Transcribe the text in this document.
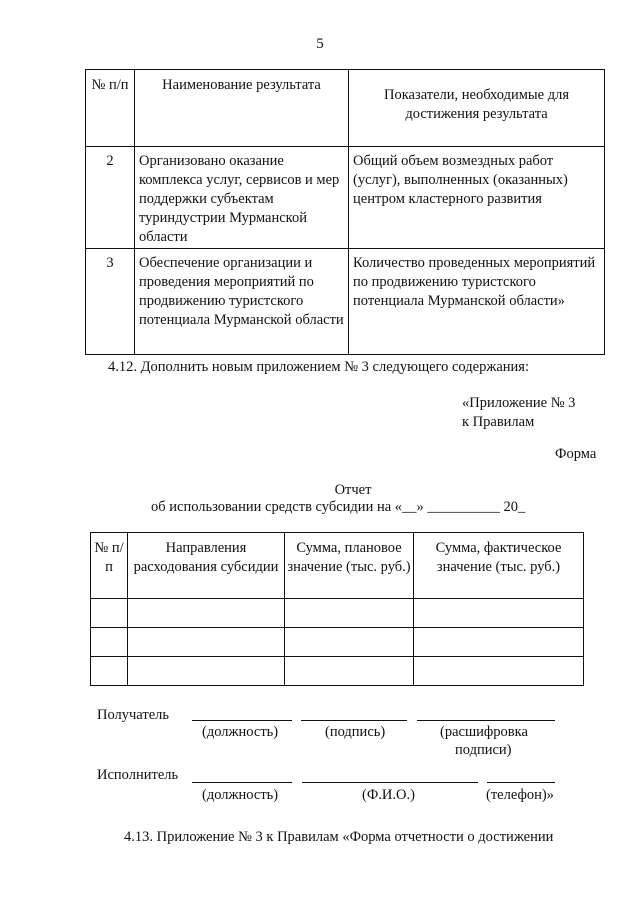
5
№ п/п	Наименование результата	Показатели, необходимые для достижения результата
2	Организовано оказание комплекса услуг, сервисов и мер поддержки субъектам туриндустрии Мурманской области	Общий объем возмездных работ (услуг), выполненных (оказанных) центром кластерного развития
3	Обеспечение организации и проведения мероприятий по продвижению туристского потенциала Мурманской области	Количество проведенных мероприятий по продвижению туристского потенциала Мурманской области»
4.12. Дополнить новым приложением № 3 следующего содержания:
«Приложение № 3
к Правилам
Форма
Отчет
об использовании средств субсидии на «__» __________ 20_
№ п/п	Направления расходования субсидии	Сумма, плановое значение (тыс. руб.)	Сумма, фактическое значение (тыс. руб.)

Получатель
(должность)	(подпись)	(расшифровка
подписи)
Исполнитель
(должность)	(Ф.И.О.)	(телефон)»
4.13. Приложение № 3 к Правилам «Форма отчетности о достижении
